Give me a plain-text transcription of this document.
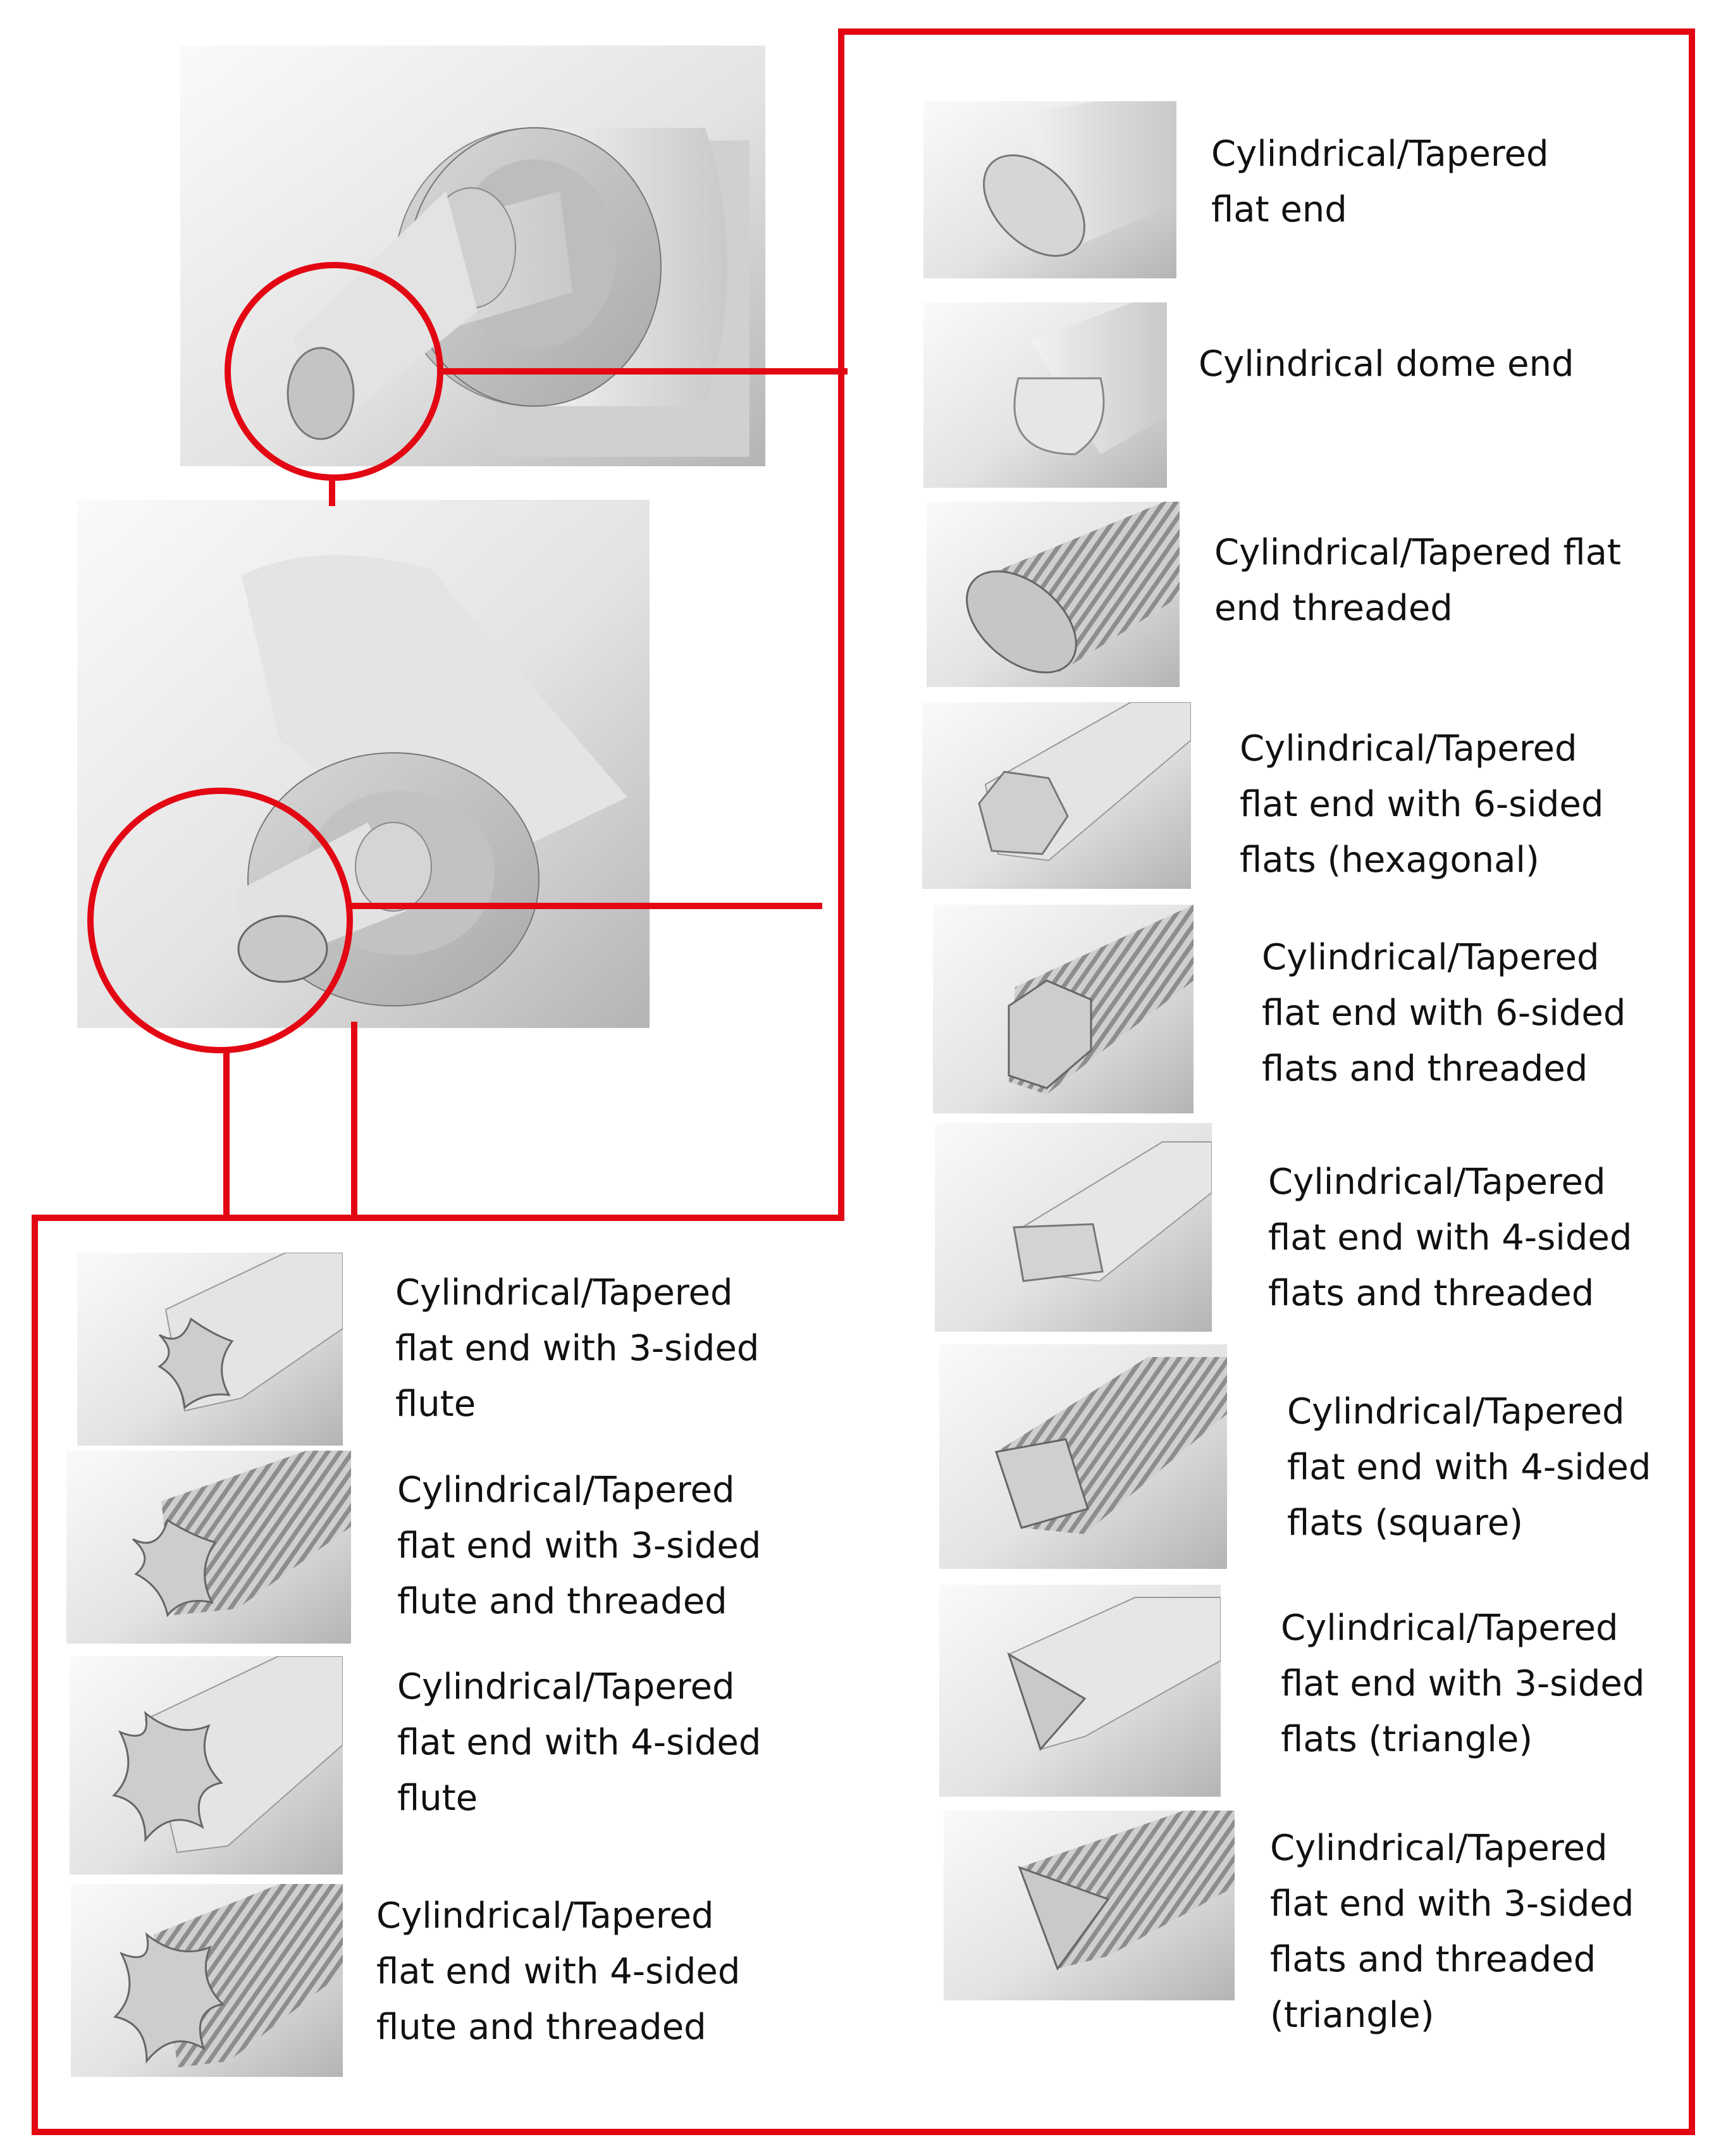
Cylindrical/Tapered
flat end
Cylindrical dome end
Cylindrical/Tapered flat
end threaded
Cylindrical/Tapered
flat end with 6-sided
flats (hexagonal)
Cylindrical/Tapered
flat end with 6-sided
flats and threaded
Cylindrical/Tapered
flat end with 4-sided
flats and threaded
Cylindrical/Tapered
flat end with 4-sided
flats (square)
Cylindrical/Tapered
flat end with 3-sided
flats (triangle)
Cylindrical/Tapered
flat end with 3-sided
flats and threaded
(triangle)
Cylindrical/Tapered
flat end with 3-sided
flute
Cylindrical/Tapered
flat end with 3-sided
flute and threaded
Cylindrical/Tapered
flat end with 4-sided
flute
Cylindrical/Tapered
flat end with 4-sided
flute and threaded
